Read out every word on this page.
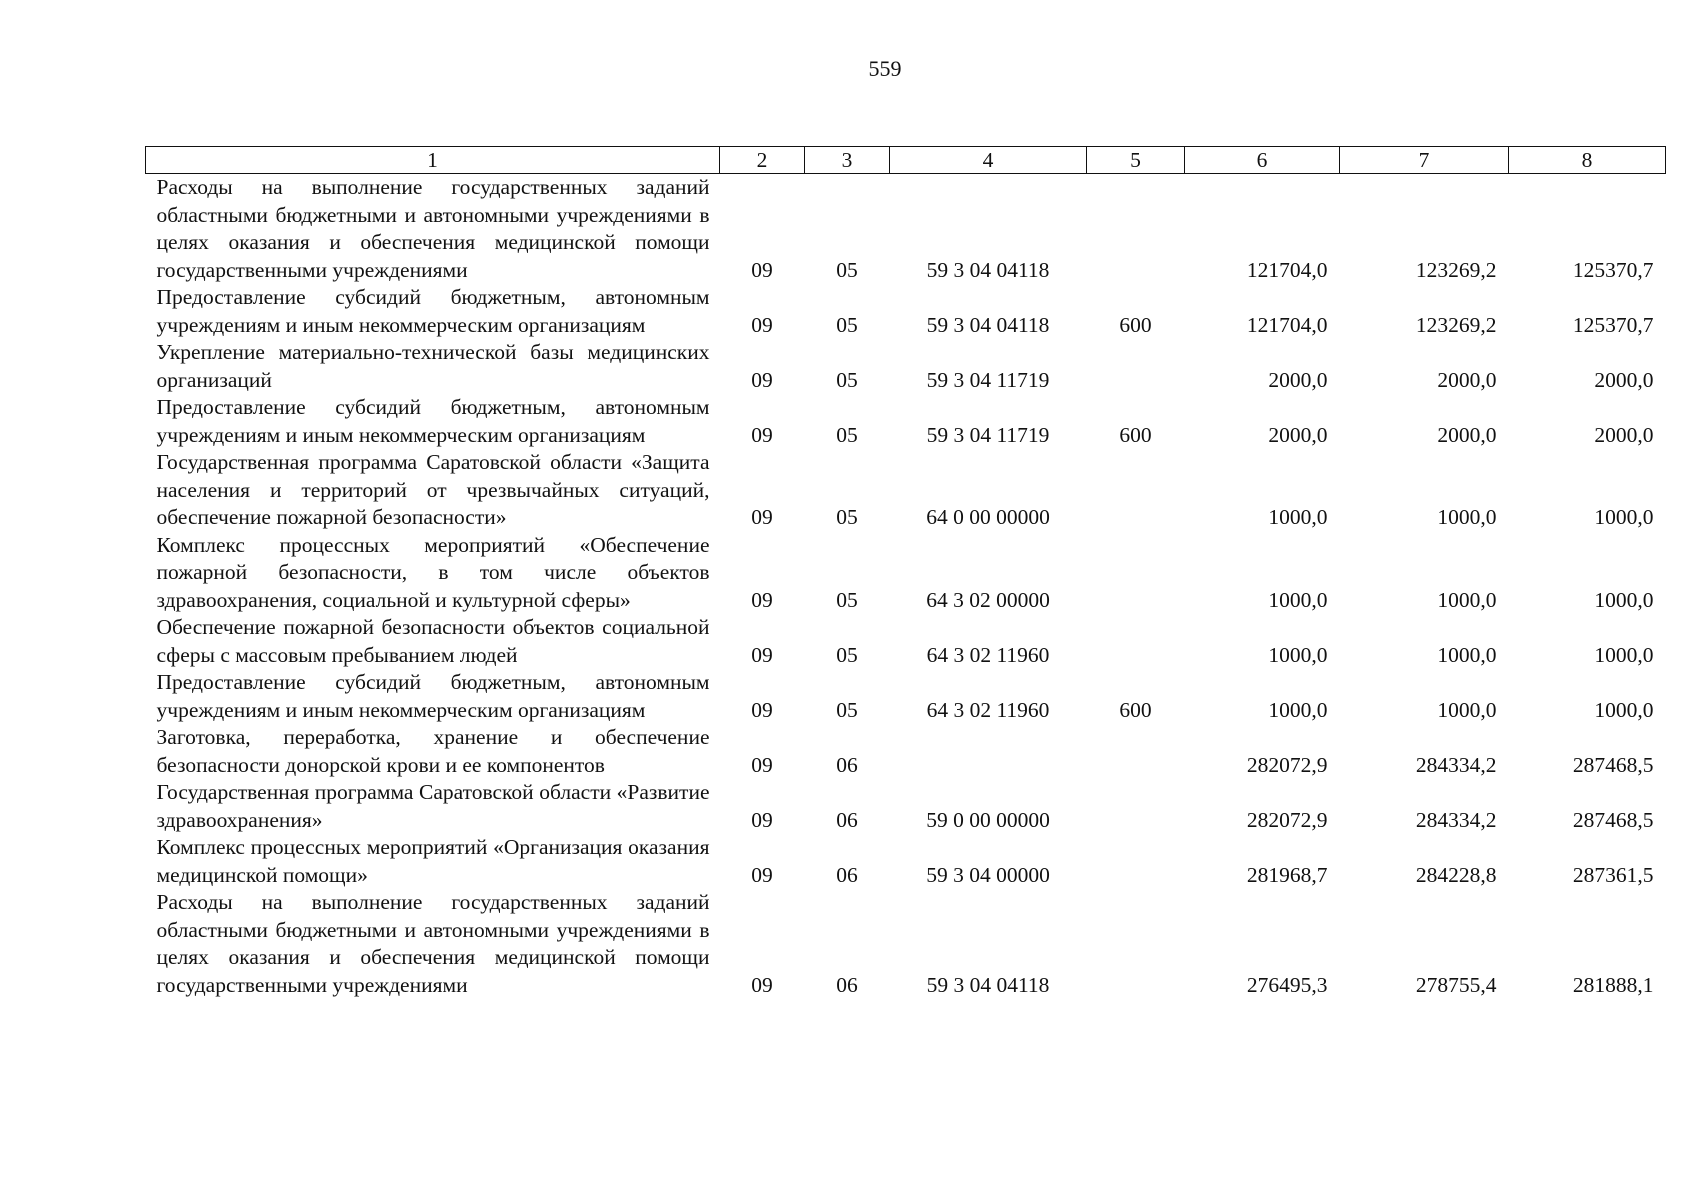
559
1	2	3	4	5	6	7	8
Расходы на выполнение государственных заданий областными бюджетными и автономными учреждениями в целях оказания и обеспечения медицинской помощи государственными учреждениями	09	05	59 3 04 04118		121704,0	123269,2	125370,7
Предоставление субсидий бюджетным, автономным учреждениям и иным некоммерческим организациям	09	05	59 3 04 04118	600	121704,0	123269,2	125370,7
Укрепление материально-технической базы медицинских организаций	09	05	59 3 04 11719		2000,0	2000,0	2000,0
Предоставление субсидий бюджетным, автономным учреждениям и иным некоммерческим организациям	09	05	59 3 04 11719	600	2000,0	2000,0	2000,0
Государственная программа Саратовской области «Защита населения и территорий от чрезвычайных ситуаций, обеспечение пожарной безопасности»	09	05	64 0 00 00000		1000,0	1000,0	1000,0
Комплекс процессных мероприятий «Обеспечение пожарной безопасности, в том числе объектов здравоохранения, социальной и культурной сферы»	09	05	64 3 02 00000		1000,0	1000,0	1000,0
Обеспечение пожарной безопасности объектов социальной сферы с массовым пребыванием людей	09	05	64 3 02 11960		1000,0	1000,0	1000,0
Предоставление субсидий бюджетным, автономным учреждениям и иным некоммерческим организациям	09	05	64 3 02 11960	600	1000,0	1000,0	1000,0
Заготовка, переработка, хранение и обеспечение безопасности донорской крови и ее компонентов	09	06			282072,9	284334,2	287468,5
Государственная программа Саратовской области «Развитие здравоохранения»	09	06	59 0 00 00000		282072,9	284334,2	287468,5
Комплекс процессных мероприятий «Организация оказания медицинской помощи»	09	06	59 3 04 00000		281968,7	284228,8	287361,5
Расходы на выполнение государственных заданий областными бюджетными и автономными учреждениями в целях оказания и обеспечения медицинской помощи государственными учреждениями	09	06	59 3 04 04118		276495,3	278755,4	281888,1
